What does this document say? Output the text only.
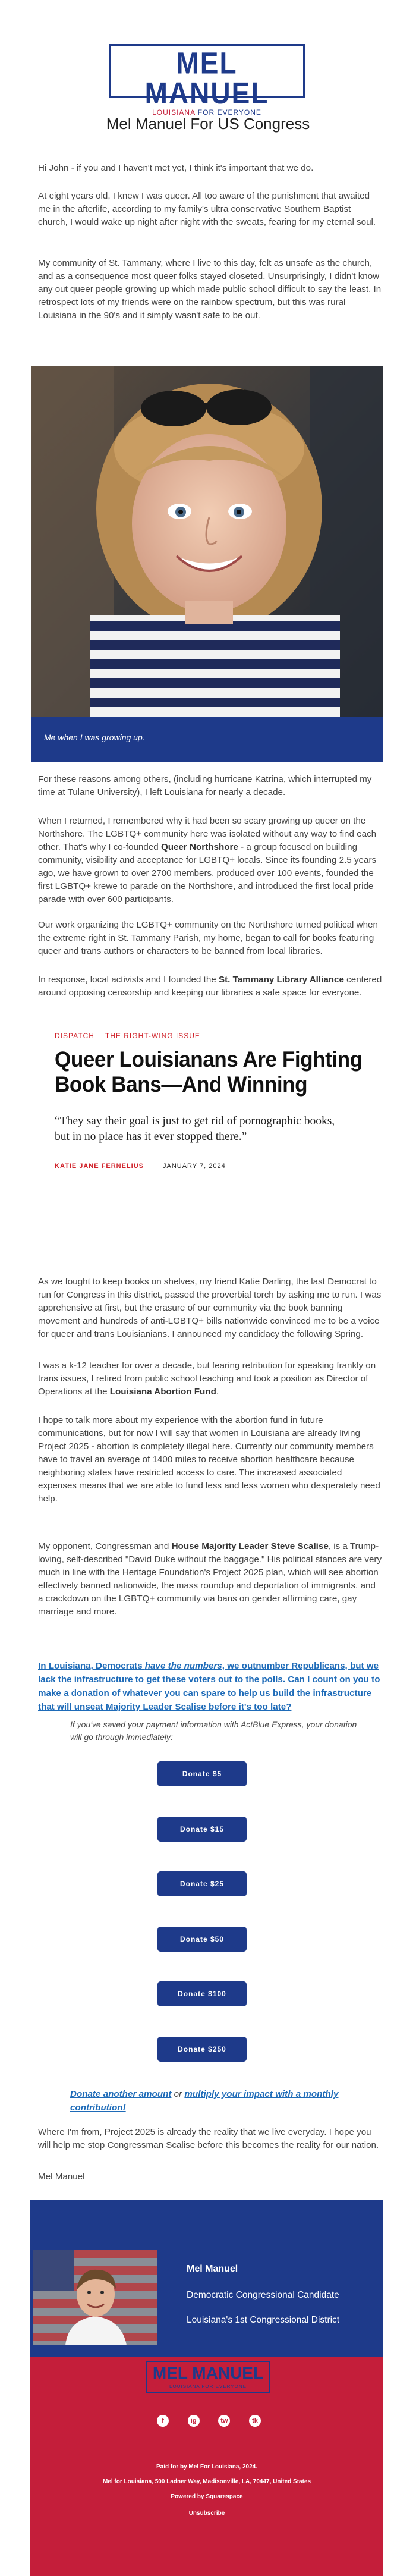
MEL MANUEL
LOUISIANA FOR EVERYONE
Mel Manuel For US Congress

Hi John - if you and I haven't met yet, I think it's important that we do.

At eight years old, I knew I was queer. All too aware of the punishment that awaited me in the afterlife, according to my family's ultra conservative Southern Baptist church, I would wake up night after night with the sweats, fearing for my eternal soul.

My community of St. Tammany, where I live to this day, felt as unsafe as the church, and as a consequence most queer folks stayed closeted. Unsurprisingly, I didn't know any out queer people growing up which made public school difficult to say the least. In retrospect lots of my friends were on the rainbow spectrum, but this was rural Louisiana in the 90's and it simply wasn't safe to be out.

Me when I was growing up.

For these reasons among others, (including hurricane Katrina, which interrupted my time at Tulane University), I left Louisiana for nearly a decade.

When I returned, I remembered why it had been so scary growing up queer on the Northshore. The LGBTQ+ community here was isolated without any way to find each other. That's why I co-founded Queer Northshore - a group focused on building community, visibility and acceptance for LGBTQ+ locals. Since its founding 2.5 years ago, we have grown to over 2700 members, produced over 100 events, founded the first LGBTQ+ krewe to parade on the Northshore, and introduced the first local pride parade with over 600 participants.

Our work organizing the LGBTQ+ community on the Northshore turned political when the extreme right in St. Tammany Parish, my home, began to call for books featuring queer and trans authors or characters to be banned from local libraries.

In response, local activists and I founded the St. Tammany Library Alliance centered around opposing censorship and keeping our libraries a safe space for everyone.

DISPATCH THE RIGHT-WING ISSUE
Queer Louisianans Are Fighting Book Bans—And Winning
“They say their goal is just to get rid of pornographic books, but in no place has it ever stopped there.”
KATIE JANE FERNELIUS	JANUARY 7, 2024

As we fought to keep books on shelves, my friend Katie Darling, the last Democrat to run for Congress in this district, passed the proverbial torch by asking me to run. I was apprehensive at first, but the erasure of our community via the book banning movement and hundreds of anti-LGBTQ+ bills nationwide convinced me to be a voice for queer and trans Louisianians. I announced my candidacy the following Spring.

I was a k-12 teacher for over a decade, but fearing retribution for speaking frankly on trans issues, I retired from public school teaching and took a position as Director of Operations at the Louisiana Abortion Fund.

I hope to talk more about my experience with the abortion fund in future communications, but for now I will say that women in Louisiana are already living Project 2025 - abortion is completely illegal here. Currently our community members have to travel an average of 1400 miles to receive abortion healthcare because neighboring states have restricted access to care. The increased associated expenses means that we are able to fund less and less women who desperately need help.

My opponent, Congressman and House Majority Leader Steve Scalise, is a Trump-loving, self-described "David Duke without the baggage." His political stances are very much in line with the Heritage Foundation's Project 2025 plan, which will see abortion effectively banned nationwide, the mass roundup and deportation of immigrants, and a crackdown on the LGBTQ+ community via bans on gender affirming care, gay marriage and more.

In Louisiana, Democrats have the numbers, we outnumber Republicans, but we lack the infrastructure to get these voters out to the polls. Can I count on you to make a donation of whatever you can spare to help us build the infrastructure that will unseat Majority Leader Scalise before it's too late?

If you've saved your payment information with ActBlue Express, your donation will go through immediately:

Donate $5
Donate $15
Donate $25
Donate $50
Donate $100
Donate $250

Donate another amount or multiply your impact with a monthly contribution!

Where I'm from, Project 2025 is already the reality that we live everyday. I hope you will help me stop Congressman Scalise before this becomes the reality for our nation.

Mel Manuel

Mel Manuel
Democratic Congressional Candidate
Louisiana's 1st Congressional District
MEL MANUEL
LOUISIANA FOR EVERYONE
f	ig	tw	tk
Paid for by Mel For Louisiana, 2024.
Mel for Louisiana, 500 Ladner Way, Madisonville, LA, 70447, United States
Powered by Squarespace
Unsubscribe
